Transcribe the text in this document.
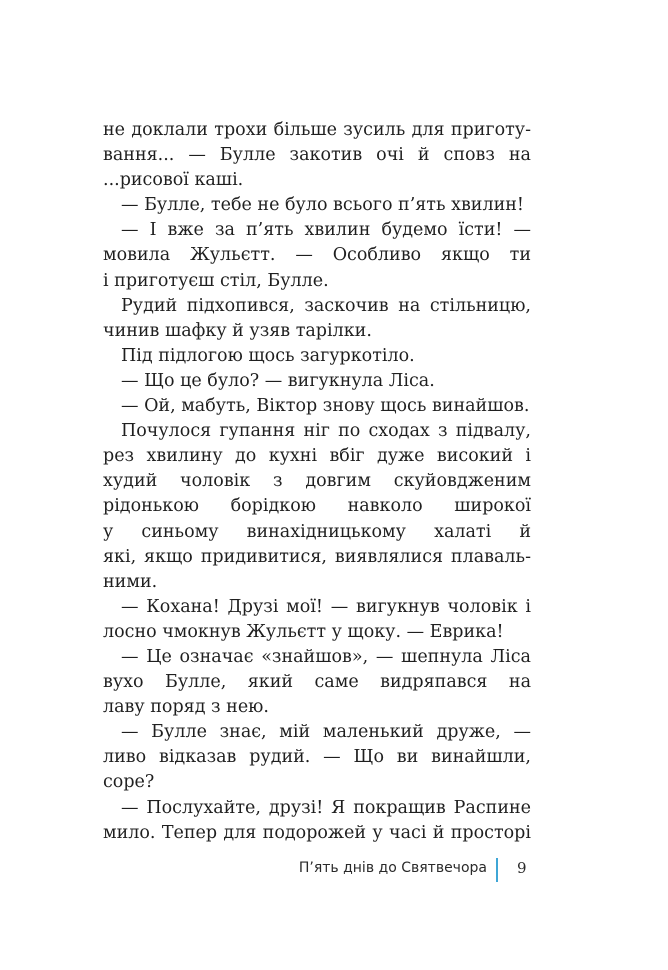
не доклали трохи більше зусиль для приготу-
вання... — Булле закотив очі й сповз на
...рисової каші.
— Булле, тебе не було всього п’ять хвилин!
— І вже за п’ять хвилин будемо їсти! —
мовила Жульєтт. — Особливо якщо ти
і приготуєш стіл, Булле.
Рудий підхопився, заскочив на стільницю,
чинив шафку й узяв тарілки.
Під підлогою щось загуркотіло.
— Що це було? — вигукнула Ліса.
— Ой, мабуть, Віктор знову щось винайшов.
Почулося гупання ніг по сходах з підвалу,
рез хвилину до кухні вбіг дуже високий і
худий чоловік з довгим скуйовдженим
рідонькою борідкою навколо широкої
у синьому винахідницькому халаті й
які, якщо придивитися, виявлялися плаваль-
ними.
— Кохана! Друзі мої! — вигукнув чоловік і
лосно чмокнув Жульєтт у щоку. — Еврика!
— Це означає «знайшов», — шепнула Ліса
вухо Булле, який саме видряпався на
лаву поряд з нею.
— Булле знає, мій маленький друже, —
ливо відказав рудий. — Що ви винайшли,
соре?
— Послухайте, друзі! Я покращив Распине
мило. Тепер для подорожей у часі й просторі
П’ять днів до Святвечора 9
